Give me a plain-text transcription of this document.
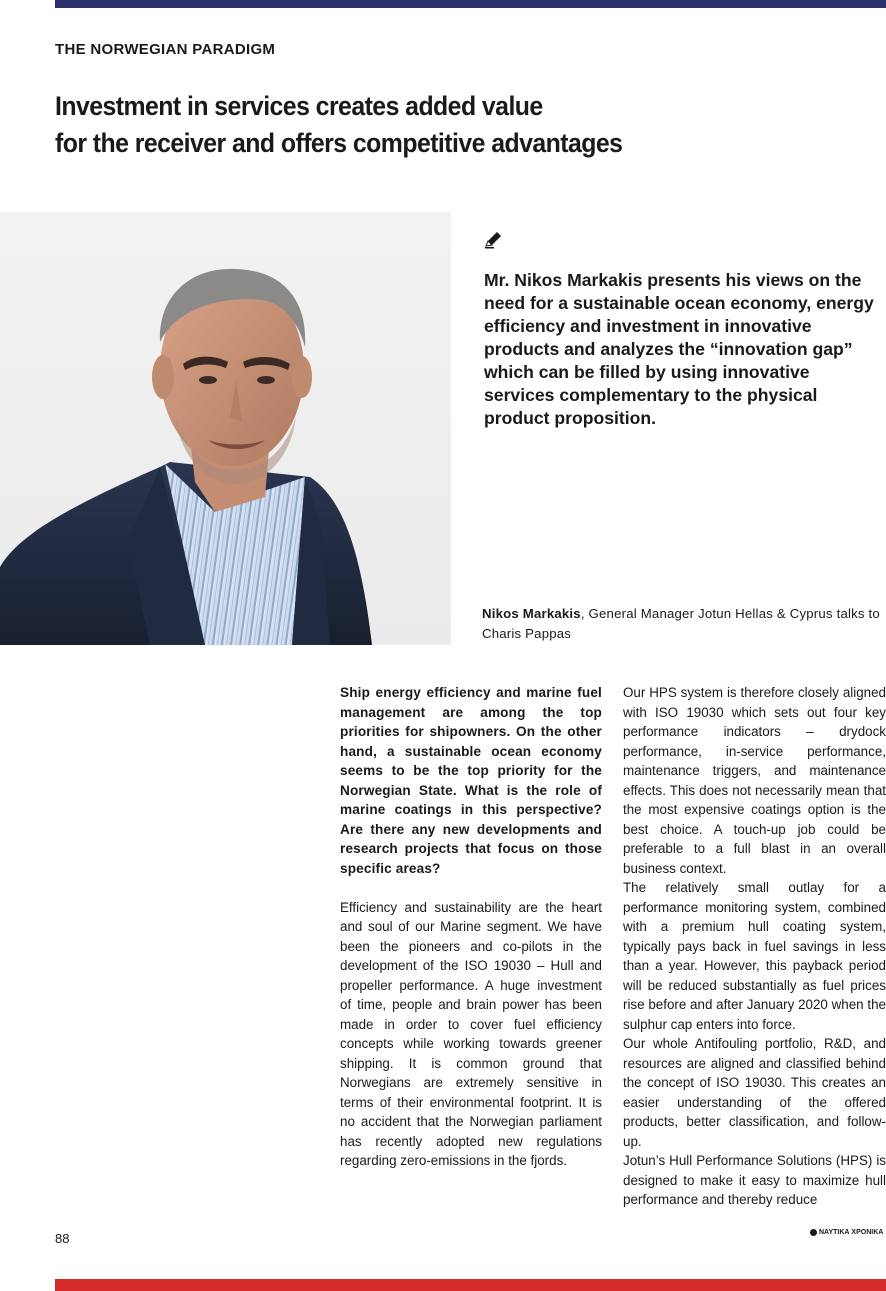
THE NORWEGIAN PARADIGM

Investment in services creates added value
for the receiver and offers competitive advantages

Mr. Nikos Markakis presents his views on the need for a sustainable ocean economy, energy efficiency and investment in innovative products and analyzes the “innovation gap” which can be filled by using innovative services complementary to the physical product proposition.

Nikos Markakis, General Manager Jotun Hellas & Cyprus talks to Charis Pappas

Ship energy efficiency and marine fuel management are among the top priorities for shipowners. On the other hand, a sustainable ocean economy seems to be the top priority for the Norwegian State. What is the role of marine coatings in this perspective? Are there any new developments and research projects that focus on those specific areas?

Efficiency and sustainability are the heart and soul of our Marine segment. We have been the pioneers and co-pilots in the development of the ISO 19030 – Hull and propeller performance. A huge investment of time, people and brain power has been made in order to cover fuel efficiency concepts while working towards greener shipping. It is common ground that Norwegians are extremely sensitive in terms of their environmental footprint. It is no accident that the Norwegian parliament has recently adopted new regulations regarding zero-emissions in the fjords.

Our HPS system is therefore closely aligned with ISO 19030 which sets out four key performance indicators – drydock performance, in-service performance, maintenance triggers, and maintenance effects. This does not necessarily mean that the most expensive coatings option is the best choice. A touch-up job could be preferable to a full blast in an overall business context.

The relatively small outlay for a performance monitoring system, combined with a premium hull coating system, typically pays back in fuel savings in less than a year. However, this payback period will be reduced substantially as fuel prices rise before and after January 2020 when the sulphur cap enters into force.

Our whole Antifouling portfolio, R&D, and resources are aligned and classified behind the concept of ISO 19030. This creates an easier understanding of the offered products, better classification, and follow-up.

Jotun’s Hull Performance Solutions (HPS) is designed to make it easy to maximize hull performance and thereby reduce

88	ΝΑΥΤΙΚΑ ΧΡΟΝΙΚΑ
